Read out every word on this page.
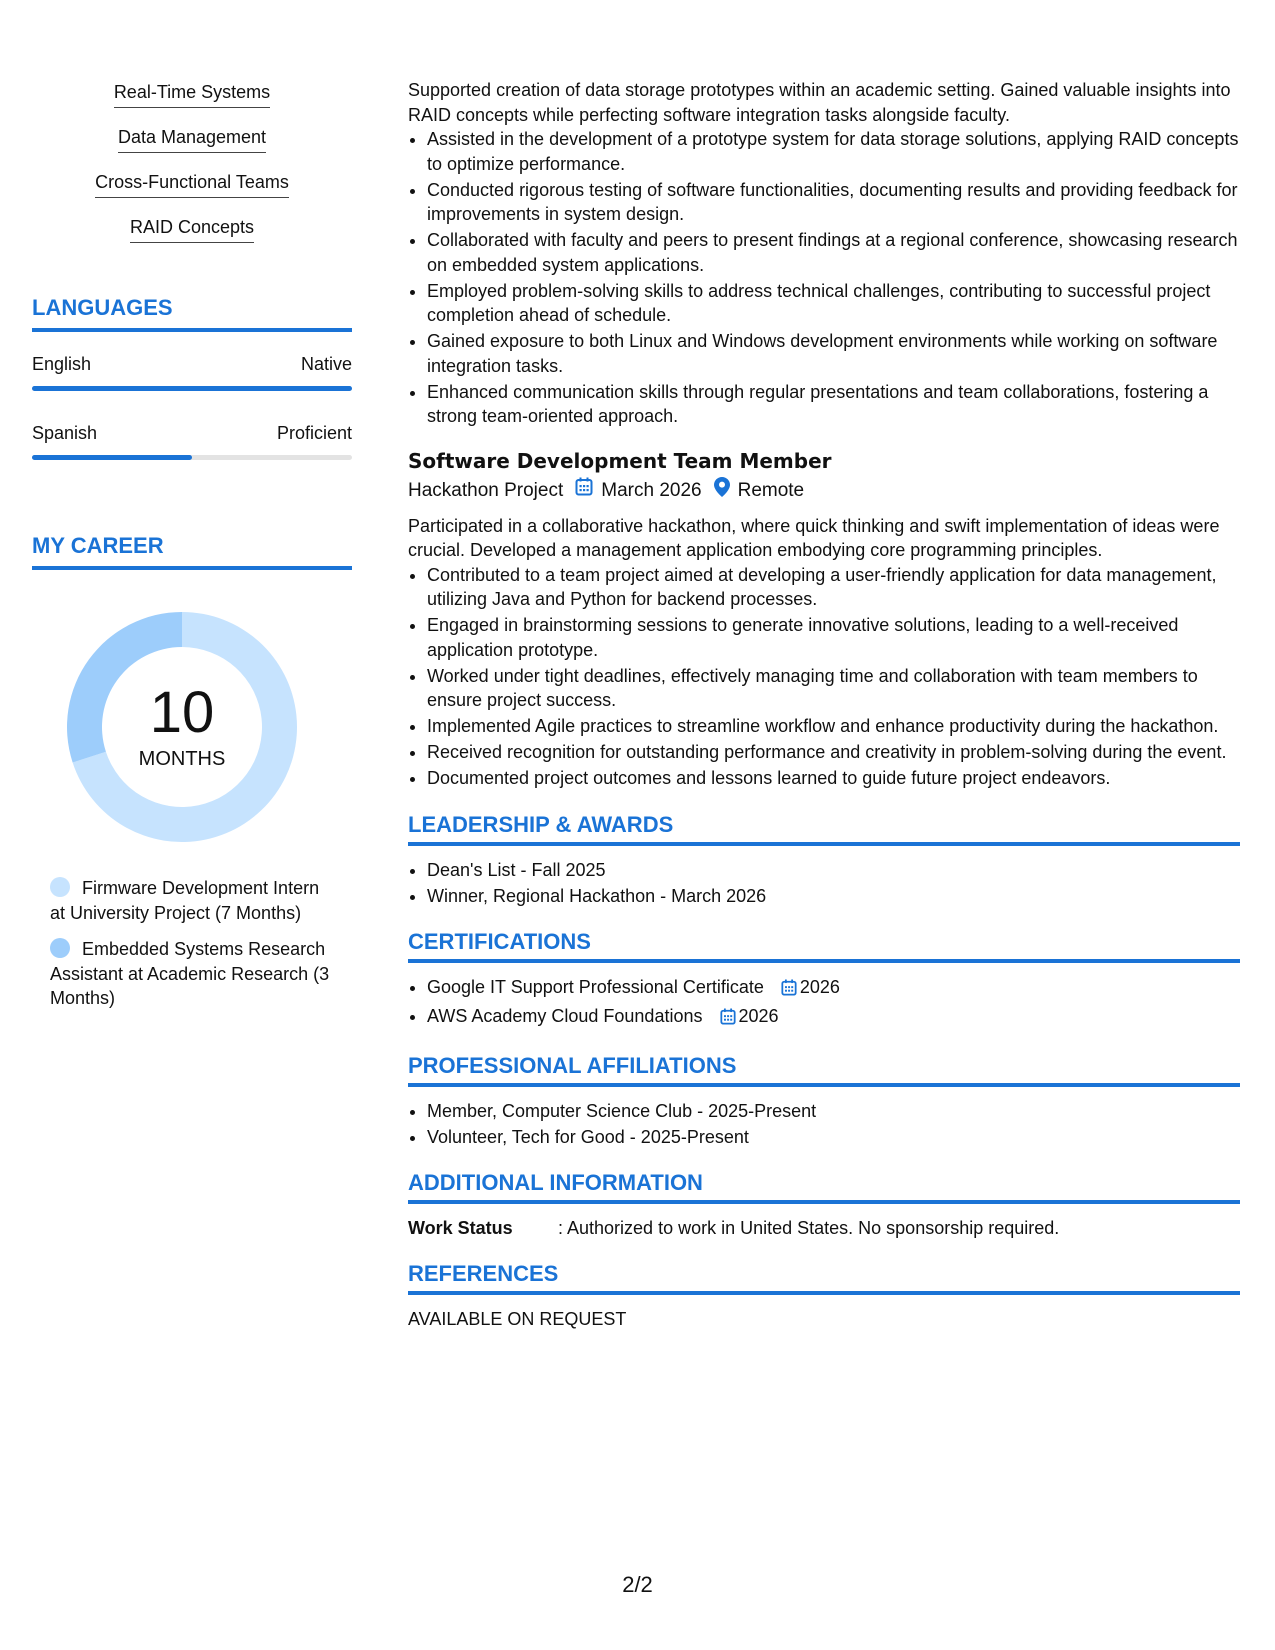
Real-Time Systems
Data Management
Cross-Functional Teams
RAID Concepts
LANGUAGES
English	Native
Spanish	Proficient
MY CAREER
10
MONTHS
Firmware Development Intern at University Project (7 Months)
Embedded Systems Research Assistant at Academic Research (3 Months)

Supported creation of data storage prototypes within an academic setting. Gained valuable insights into RAID concepts while perfecting software integration tasks alongside faculty.

• Assisted in the development of a prototype system for data storage solutions, applying RAID concepts to optimize performance.
• Conducted rigorous testing of software functionalities, documenting results and providing feedback for improvements in system design.
• Collaborated with faculty and peers to present findings at a regional conference, showcasing research on embedded system applications.
• Employed problem-solving skills to address technical challenges, contributing to successful project completion ahead of schedule.
• Gained exposure to both Linux and Windows development environments while working on software integration tasks.
• Enhanced communication skills through regular presentations and team collaborations, fostering a strong team-oriented approach.
Software Development Team Member
Hackathon Project March 2026 Remote

Participated in a collaborative hackathon, where quick thinking and swift implementation of ideas were crucial. Developed a management application embodying core programming principles.

• Contributed to a team project aimed at developing a user-friendly application for data management, utilizing Java and Python for backend processes.
• Engaged in brainstorming sessions to generate innovative solutions, leading to a well-received application prototype.
• Worked under tight deadlines, effectively managing time and collaboration with team members to ensure project success.
• Implemented Agile practices to streamline workflow and enhance productivity during the hackathon.
• Received recognition for outstanding performance and creativity in problem-solving during the event.
• Documented project outcomes and lessons learned to guide future project endeavors.
LEADERSHIP & AWARDS
• Dean's List - Fall 2025
• Winner, Regional Hackathon - March 2026
CERTIFICATIONS
• Google IT Support Professional Certificate 2026
• AWS Academy Cloud Foundations 2026
PROFESSIONAL AFFILIATIONS
• Member, Computer Science Club - 2025-Present
• Volunteer, Tech for Good - 2025-Present
ADDITIONAL INFORMATION
Work Status	: Authorized to work in United States. No sponsorship required.
REFERENCES
AVAILABLE ON REQUEST
2/2
